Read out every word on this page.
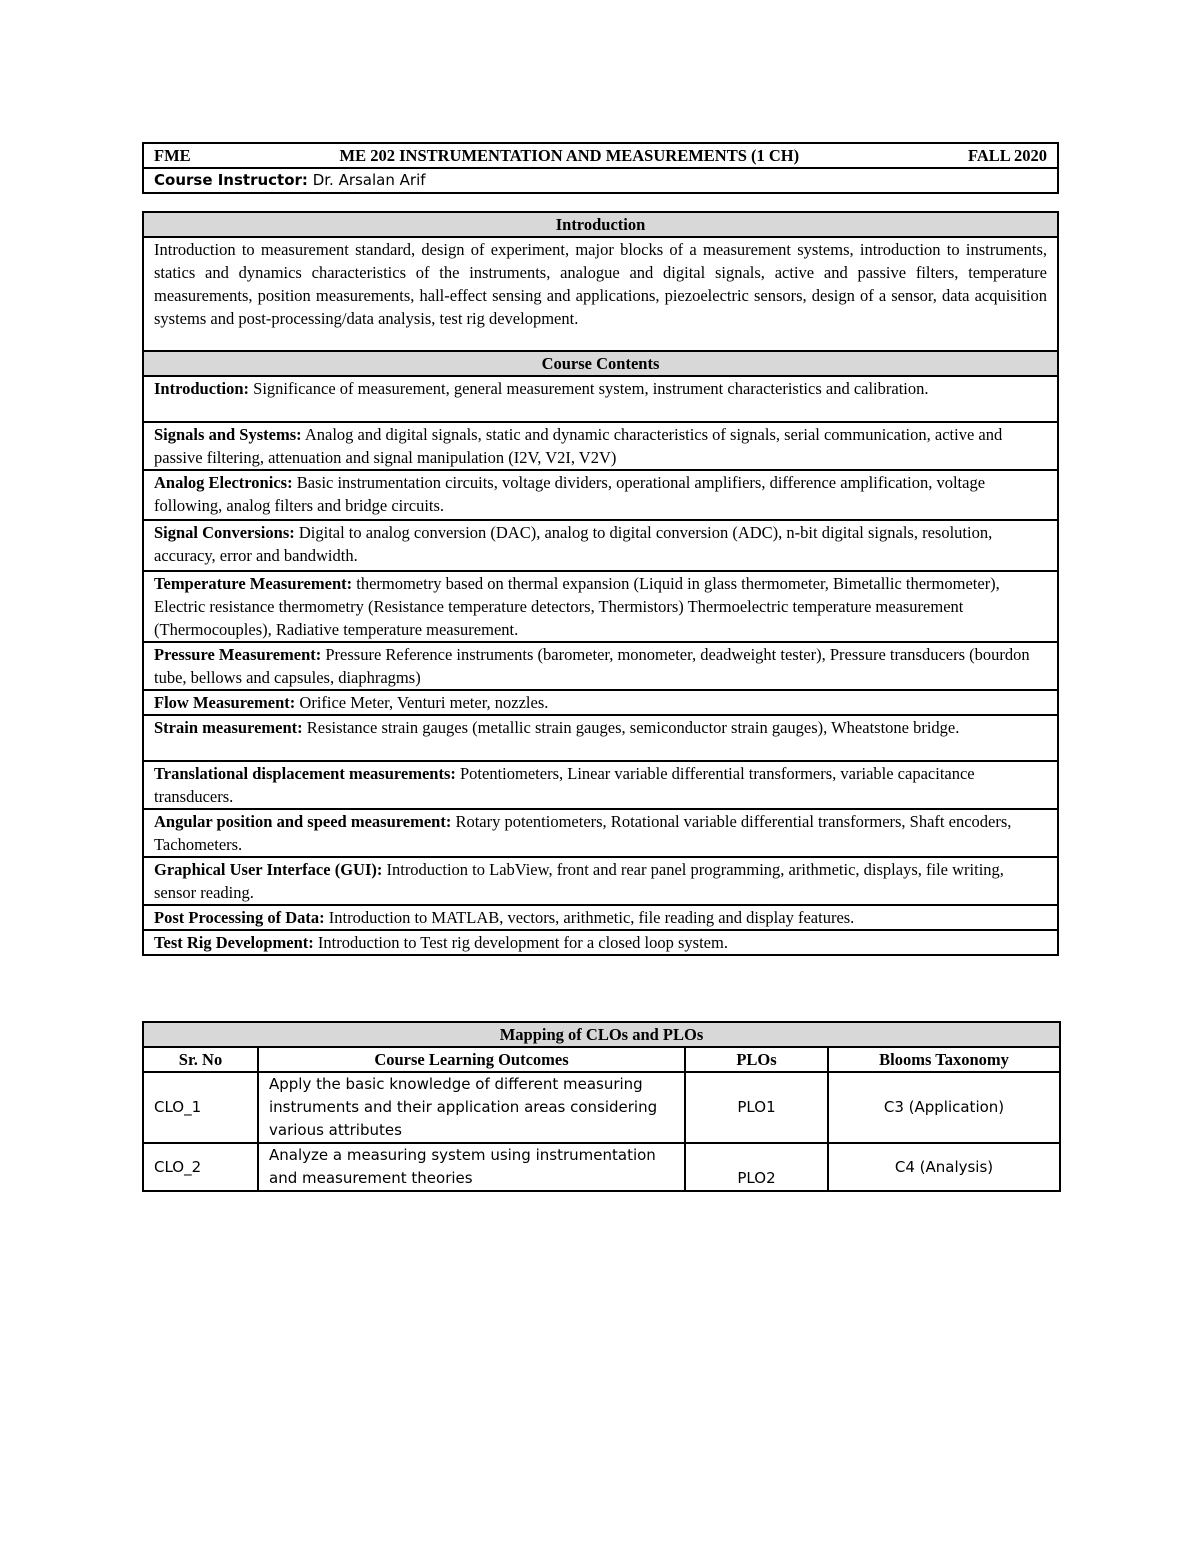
FME	ME 202 INSTRUMENTATION AND MEASUREMENTS (1 CH)	FALL 2020

Course Instructor: Dr. Arsalan Arif
Introduction
Introduction to measurement standard, design of experiment, major blocks of a measurement systems, introduction to instruments, statics and dynamics characteristics of the instruments, analogue and digital signals, active and passive filters, temperature measurements, position measurements, hall-effect sensing and applications, piezoelectric sensors, design of a sensor, data acquisition systems and post-processing/data analysis, test rig development.
Course Contents
Introduction: Significance of measurement, general measurement system, instrument characteristics and calibration.
Signals and Systems: Analog and digital signals, static and dynamic characteristics of signals, serial communication, active and passive filtering, attenuation and signal manipulation (I2V, V2I, V2V)
Analog Electronics: Basic instrumentation circuits, voltage dividers, operational amplifiers, difference amplification, voltage following, analog filters and bridge circuits.
Signal Conversions: Digital to analog conversion (DAC), analog to digital conversion (ADC), n-bit digital signals, resolution, accuracy, error and bandwidth.
Temperature Measurement: thermometry based on thermal expansion (Liquid in glass thermometer, Bimetallic thermometer), Electric resistance thermometry (Resistance temperature detectors, Thermistors) Thermoelectric temperature measurement (Thermocouples), Radiative temperature measurement.
Pressure Measurement: Pressure Reference instruments (barometer, monometer, deadweight tester), Pressure transducers (bourdon tube, bellows and capsules, diaphragms)
Flow Measurement: Orifice Meter, Venturi meter, nozzles.
Strain measurement: Resistance strain gauges (metallic strain gauges, semiconductor strain gauges), Wheatstone bridge.
Translational displacement measurements: Potentiometers, Linear variable differential transformers, variable capacitance transducers.
Angular position and speed measurement: Rotary potentiometers, Rotational variable differential transformers, Shaft encoders, Tachometers.
Graphical User Interface (GUI): Introduction to LabView, front and rear panel programming, arithmetic, displays, file writing, sensor reading.
Post Processing of Data: Introduction to MATLAB, vectors, arithmetic, file reading and display features.
Test Rig Development: Introduction to Test rig development for a closed loop system.
Mapping of CLOs and PLOs			
Sr. No	Course Learning Outcomes	PLOs	Blooms Taxonomy
CLO_1	Apply the basic knowledge of different measuring instruments and their application areas considering various attributes	PLO1	C3 (Application)
CLO_2	Analyze a measuring system using instrumentation and measurement theories	PLO2	C4 (Analysis)
